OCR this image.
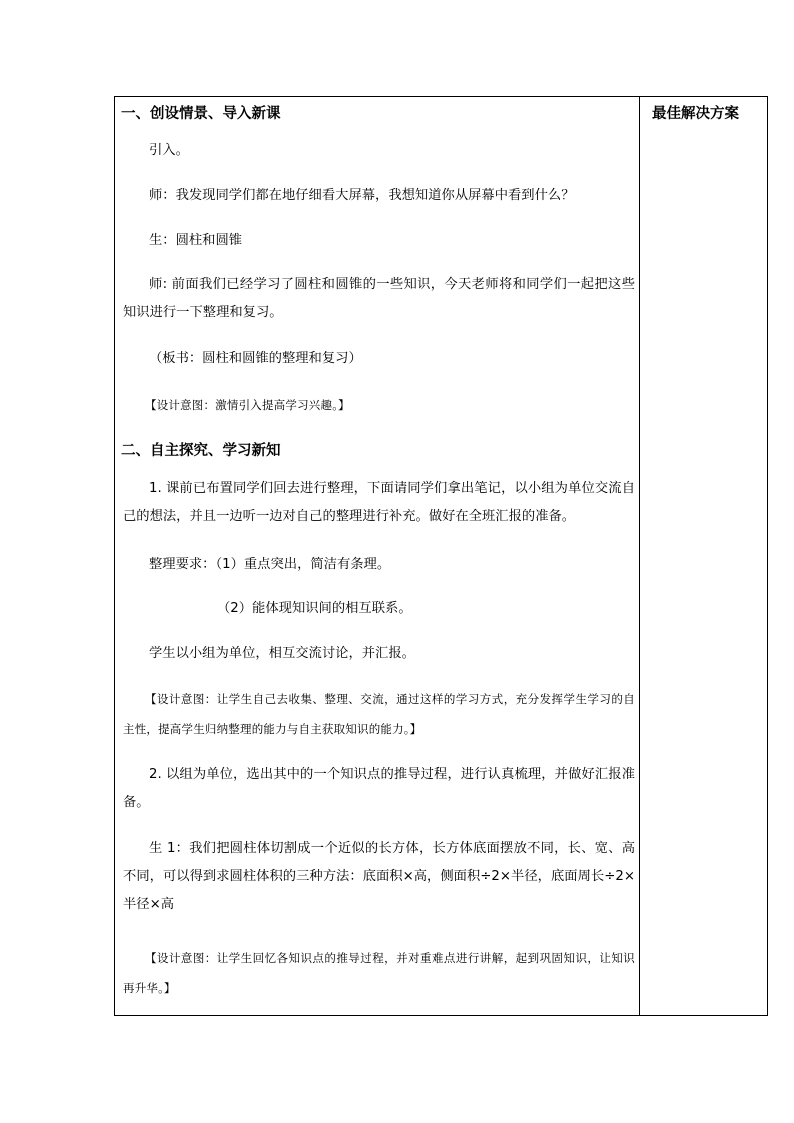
一、创设情景、导入新课
引入。
师：我发现同学们都在地仔细看大屏幕，我想知道你从屏幕中看到什么？
生：圆柱和圆锥
师: 前面我们已经学习了圆柱和圆锥的一些知识，今天老师将和同学们一起把这些知识进行一下整理和复习。
（板书：圆柱和圆锥的整理和复习）
【设计意图：激情引入提高学习兴趣。】
二、自主探究、学习新知
1. 课前已布置同学们回去进行整理，下面请同学们拿出笔记，以小组为单位交流自己的想法，并且一边听一边对自己的整理进行补充。做好在全班汇报的准备。
整理要求：（1）重点突出，简洁有条理。
（2）能体现知识间的相互联系。
学生以小组为单位，相互交流讨论，并汇报。
【设计意图：让学生自己去收集、整理、交流，通过这样的学习方式，充分发挥学生学习的自主性，提高学生归纳整理的能力与自主获取知识的能力。】
2. 以组为单位，选出其中的一个知识点的推导过程，进行认真梳理，并做好汇报准备。
生 1：我们把圆柱体切割成一个近似的长方体，长方体底面摆放不同，长、宽、高不同，可以得到求圆柱体积的三种方法：底面积×高，侧面积÷2×半径，底面周长÷2×半径×高
【设计意图：让学生回忆各知识点的推导过程，并对重难点进行讲解，起到巩固知识，让知识再升华。】
最佳解决方案
